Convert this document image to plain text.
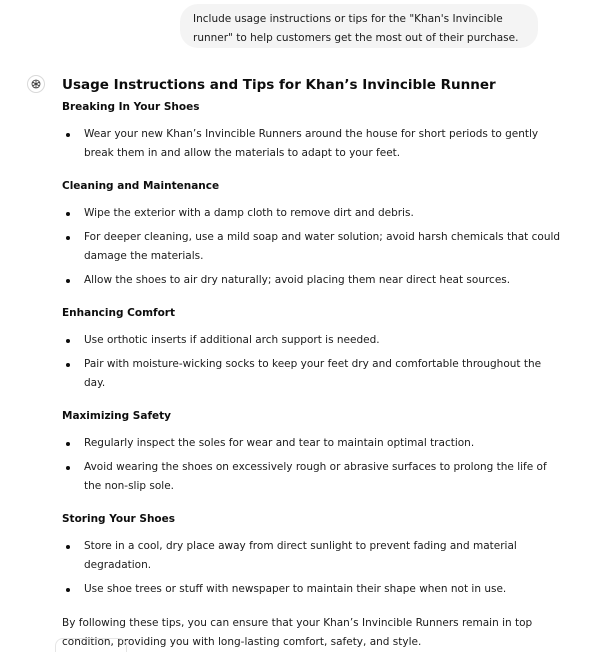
Include usage instructions or tips for the "Khan's Invincible runner" to help customers get the most out of their purchase.
Usage Instructions and Tips for Khan’s Invincible Runner
Breaking In Your Shoes
Wear your new Khan’s Invincible Runners around the house for short periods to gently break them in and allow the materials to adapt to your feet.
Cleaning and Maintenance
Wipe the exterior with a damp cloth to remove dirt and debris.
For deeper cleaning, use a mild soap and water solution; avoid harsh chemicals that could damage the materials.
Allow the shoes to air dry naturally; avoid placing them near direct heat sources.
Enhancing Comfort
Use orthotic inserts if additional arch support is needed.
Pair with moisture-wicking socks to keep your feet dry and comfortable throughout the day.
Maximizing Safety
Regularly inspect the soles for wear and tear to maintain optimal traction.
Avoid wearing the shoes on excessively rough or abrasive surfaces to prolong the life of the non-slip sole.
Storing Your Shoes
Store in a cool, dry place away from direct sunlight to prevent fading and material degradation.
Use shoe trees or stuff with newspaper to maintain their shape when not in use.

By following these tips, you can ensure that your Khan’s Invincible Runners remain in top condition, providing you with long-lasting comfort, safety, and style.
